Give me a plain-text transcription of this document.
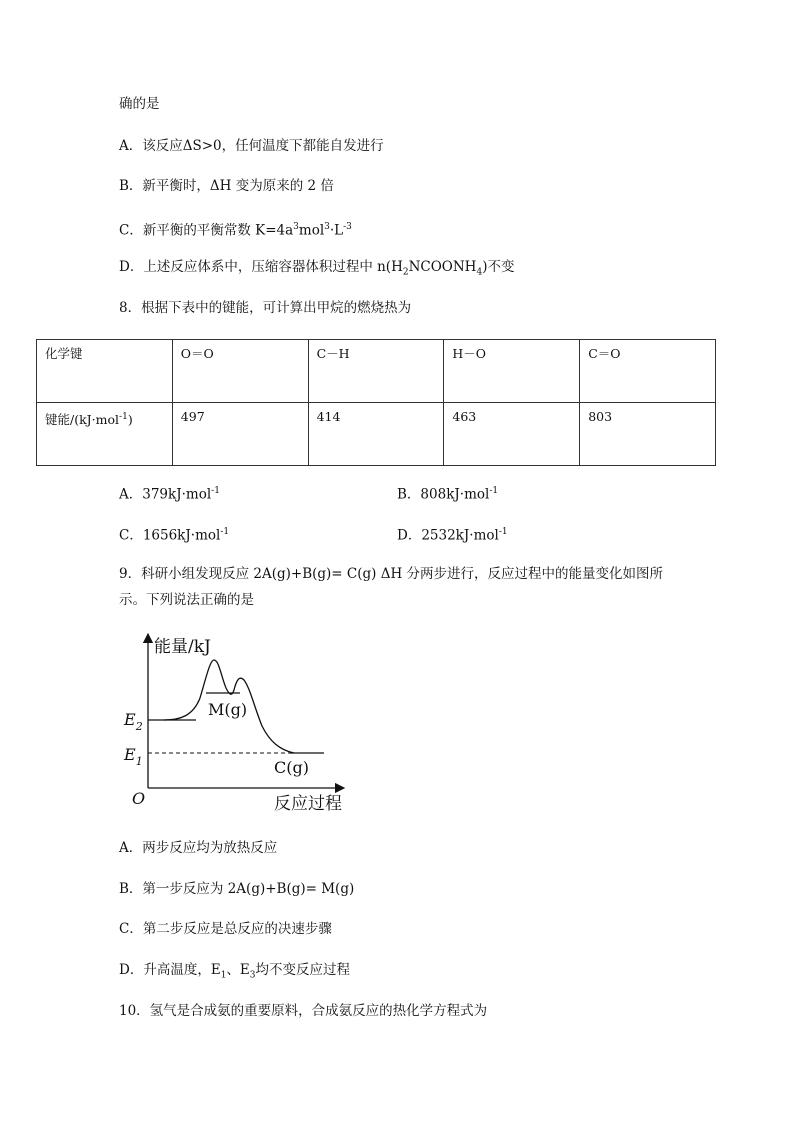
确的是
A．该反应ΔS>0，任何温度下都能自发进行
B．新平衡时，ΔH 变为原来的 2 倍
C．新平衡的平衡常数 $K=4a^3mol^3\cdot L^{-3}$
D．上述反应体系中，压缩容器体积过程中 $n(H_2NCOONH_4)$不变
8．根据下表中的键能，可计算出甲烷的燃烧热为
化学键	O＝O	C－H	H－O	C＝O
键能/(kJ·mol$^{-1}$)	497	414	463	803
A．379kJ·mol$^{-1}$	B．808kJ·mol$^{-1}$
C．1656kJ·mol$^{-1}$	D．2532kJ·mol$^{-1}$
9．科研小组发现反应 2A(g)+B(g)= C(g) ΔH 分两步进行，反应过程中的能量变化如图所
示。下列说法正确的是
能量/kJ
反应过程
O
$E_2$
$E_1$
M(g)
C(g)
A．两步反应均为放热反应
B．第一步反应为 2A(g)+B(g)= M(g)
C．第二步反应是总反应的决速步骤
D．升高温度，$E_1$、$E_3$均不变反应过程
10．氢气是合成氨的重要原料，合成氨反应的热化学方程式为
